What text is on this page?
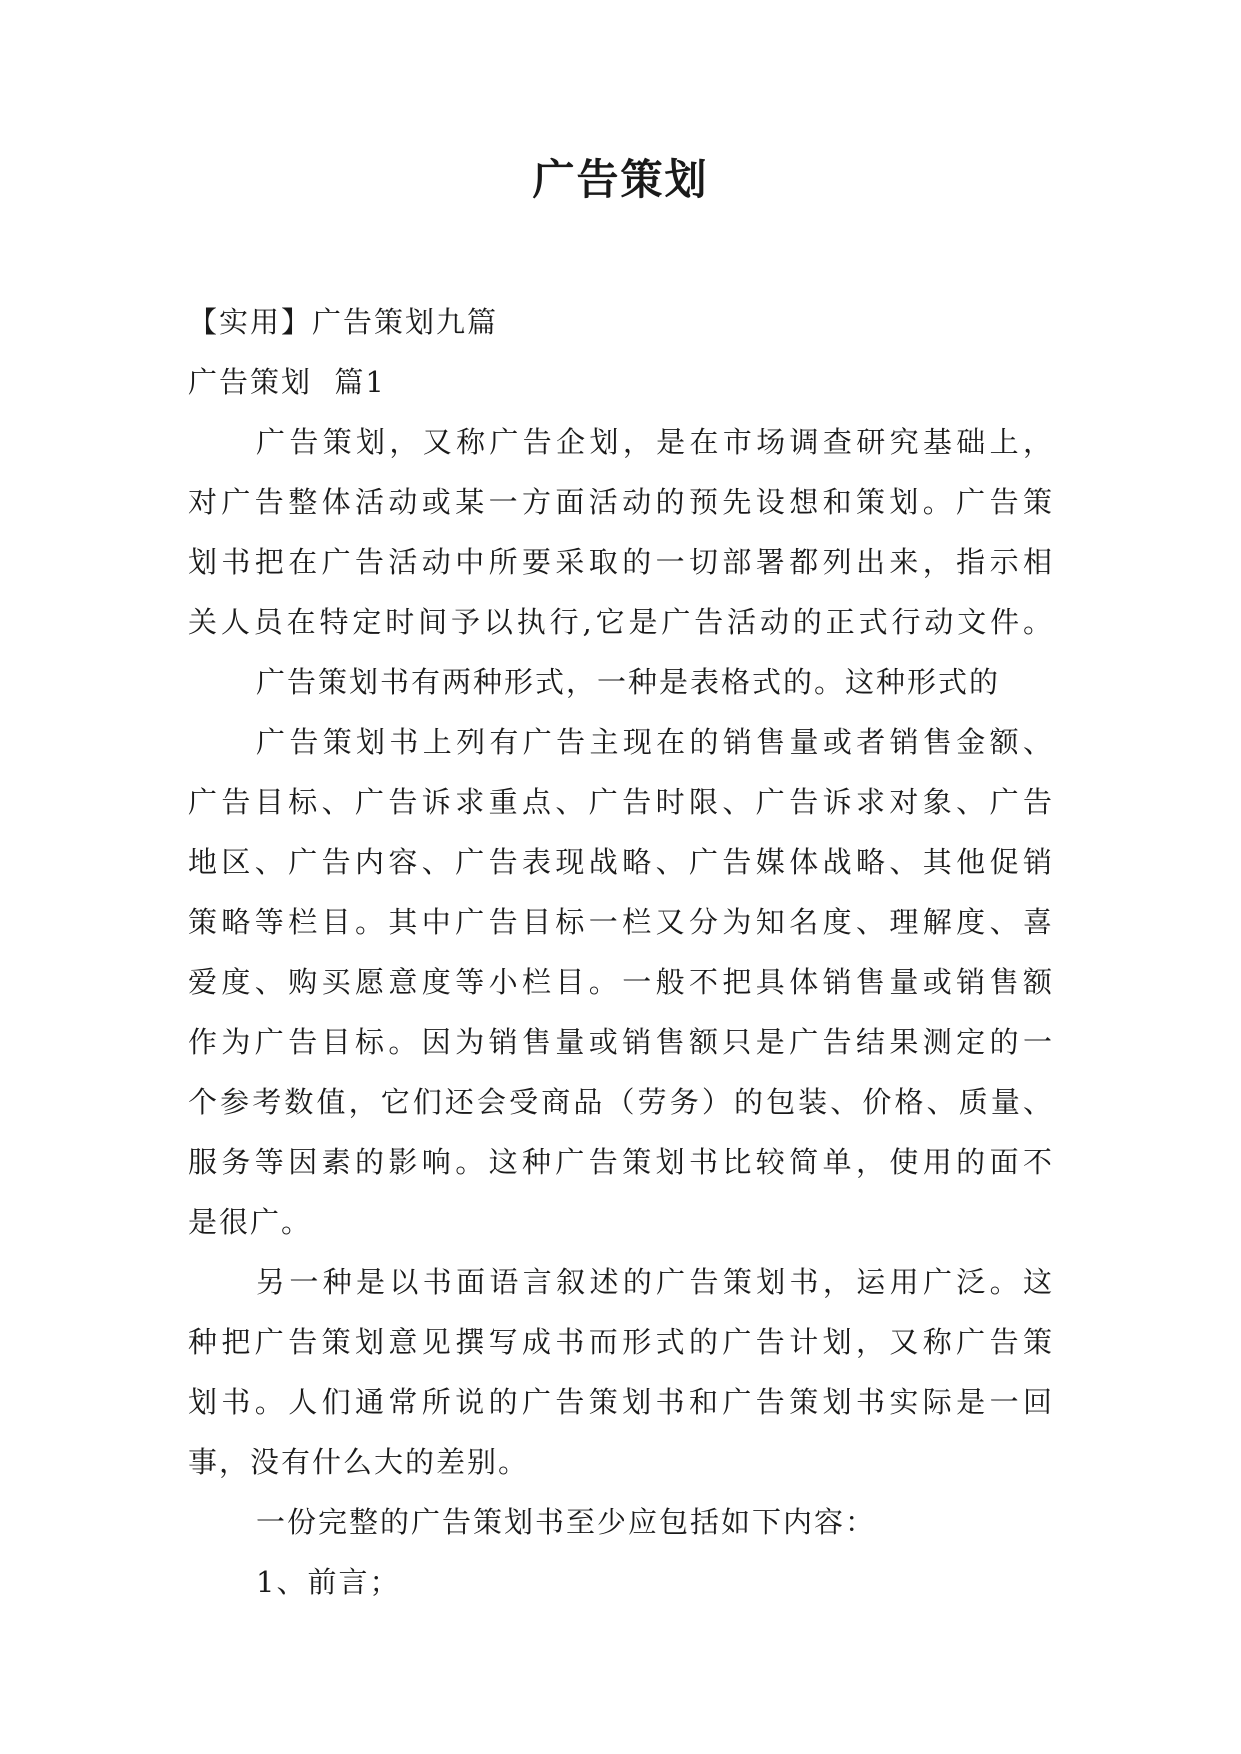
广告策划

【实用】广告策划九篇

广告策划  篇1

广告策划，又称广告企划，是在市场调查研究基础上，

对广告整体活动或某一方面活动的预先设想和策划。广告策

划书把在广告活动中所要采取的一切部署都列出来，指示相

关人员在特定时间予以执行,它是广告活动的正式行动文件。

广告策划书有两种形式，一种是表格式的。这种形式的

广告策划书上列有广告主现在的销售量或者销售金额、

广告目标、广告诉求重点、广告时限、广告诉求对象、广告

地区、广告内容、广告表现战略、广告媒体战略、其他促销

策略等栏目。其中广告目标一栏又分为知名度、理解度、喜

爱度、购买愿意度等小栏目。一般不把具体销售量或销售额

作为广告目标。因为销售量或销售额只是广告结果测定的一

个参考数值，它们还会受商品（劳务）的包装、价格、质量、

服务等因素的影响。这种广告策划书比较简单，使用的面不

是很广。

另一种是以书面语言叙述的广告策划书，运用广泛。这

种把广告策划意见撰写成书而形式的广告计划，又称广告策

划书。人们通常所说的广告策划书和广告策划书实际是一回

事，没有什么大的差别。

一份完整的广告策划书至少应包括如下内容：

1、前言；
